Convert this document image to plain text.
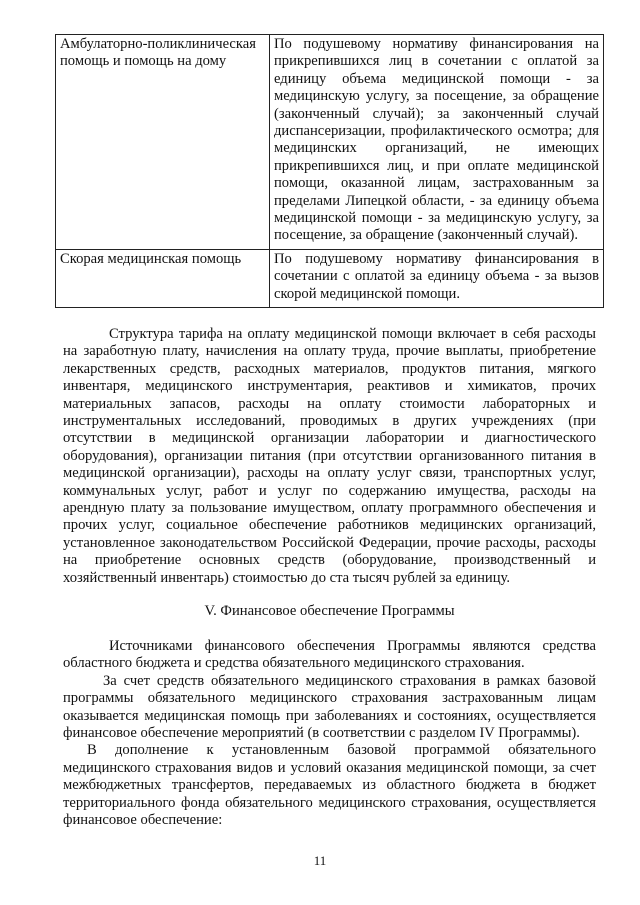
Амбулаторно-поликлиническая помощь и помощь на дому	По подушевому нормативу финансирования на прикрепившихся лиц в сочетании с оплатой за единицу объема медицинской помощи - за медицинскую услугу, за посещение, за обращение (законченный случай); за законченный случай диспансеризации, профилактического осмотра; для медицинских организаций, не имеющих прикрепившихся лиц, и при оплате медицинской помощи, оказанной лицам, застрахованным за пределами Липецкой области, - за единицу объема медицинской помощи - за медицинскую услугу, за посещение, за обращение (законченный случай).
Скорая медицинская помощь	По подушевому нормативу финансирования в сочетании с оплатой за единицу объема - за вызов скорой медицинской помощи.

Структура тарифа на оплату медицинской помощи включает в себя расходы на заработную плату, начисления на оплату труда, прочие выплаты, приобретение лекарственных средств, расходных материалов, продуктов питания, мягкого инвентаря, медицинского инструментария, реактивов и химикатов, прочих материальных запасов, расходы на оплату стоимости лабораторных и инструментальных исследований, проводимых в других учреждениях (при отсутствии в медицинской организации лаборатории и диагностического оборудования), организации питания (при отсутствии организованного питания в медицинской организации), расходы на оплату услуг связи, транспортных услуг, коммунальных услуг, работ и услуг по содержанию имущества, расходы на арендную плату за пользование имуществом, оплату программного обеспечения и прочих услуг, социальное обеспечение работников медицинских организаций, установленное законодательством Российской Федерации, прочие расходы, расходы на приобретение основных средств (оборудование, производственный и хозяйственный инвентарь) стоимостью до ста тысяч рублей за единицу.

V. Финансовое обеспечение Программы

Источниками финансового обеспечения Программы являются средства областного бюджета и средства обязательного медицинского страхования.

За счет средств обязательного медицинского страхования в рамках базовой программы обязательного медицинского страхования застрахованным лицам оказывается медицинская помощь при заболеваниях и состояниях, осуществляется финансовое обеспечение мероприятий (в соответствии с разделом IV Программы).

В дополнение к установленным базовой программой обязательного медицинского страхования видов и условий оказания медицинской помощи, за счет межбюджетных трансфертов, передаваемых из областного бюджета в бюджет территориального фонда обязательного медицинского страхования, осуществляется финансовое обеспечение:

11
